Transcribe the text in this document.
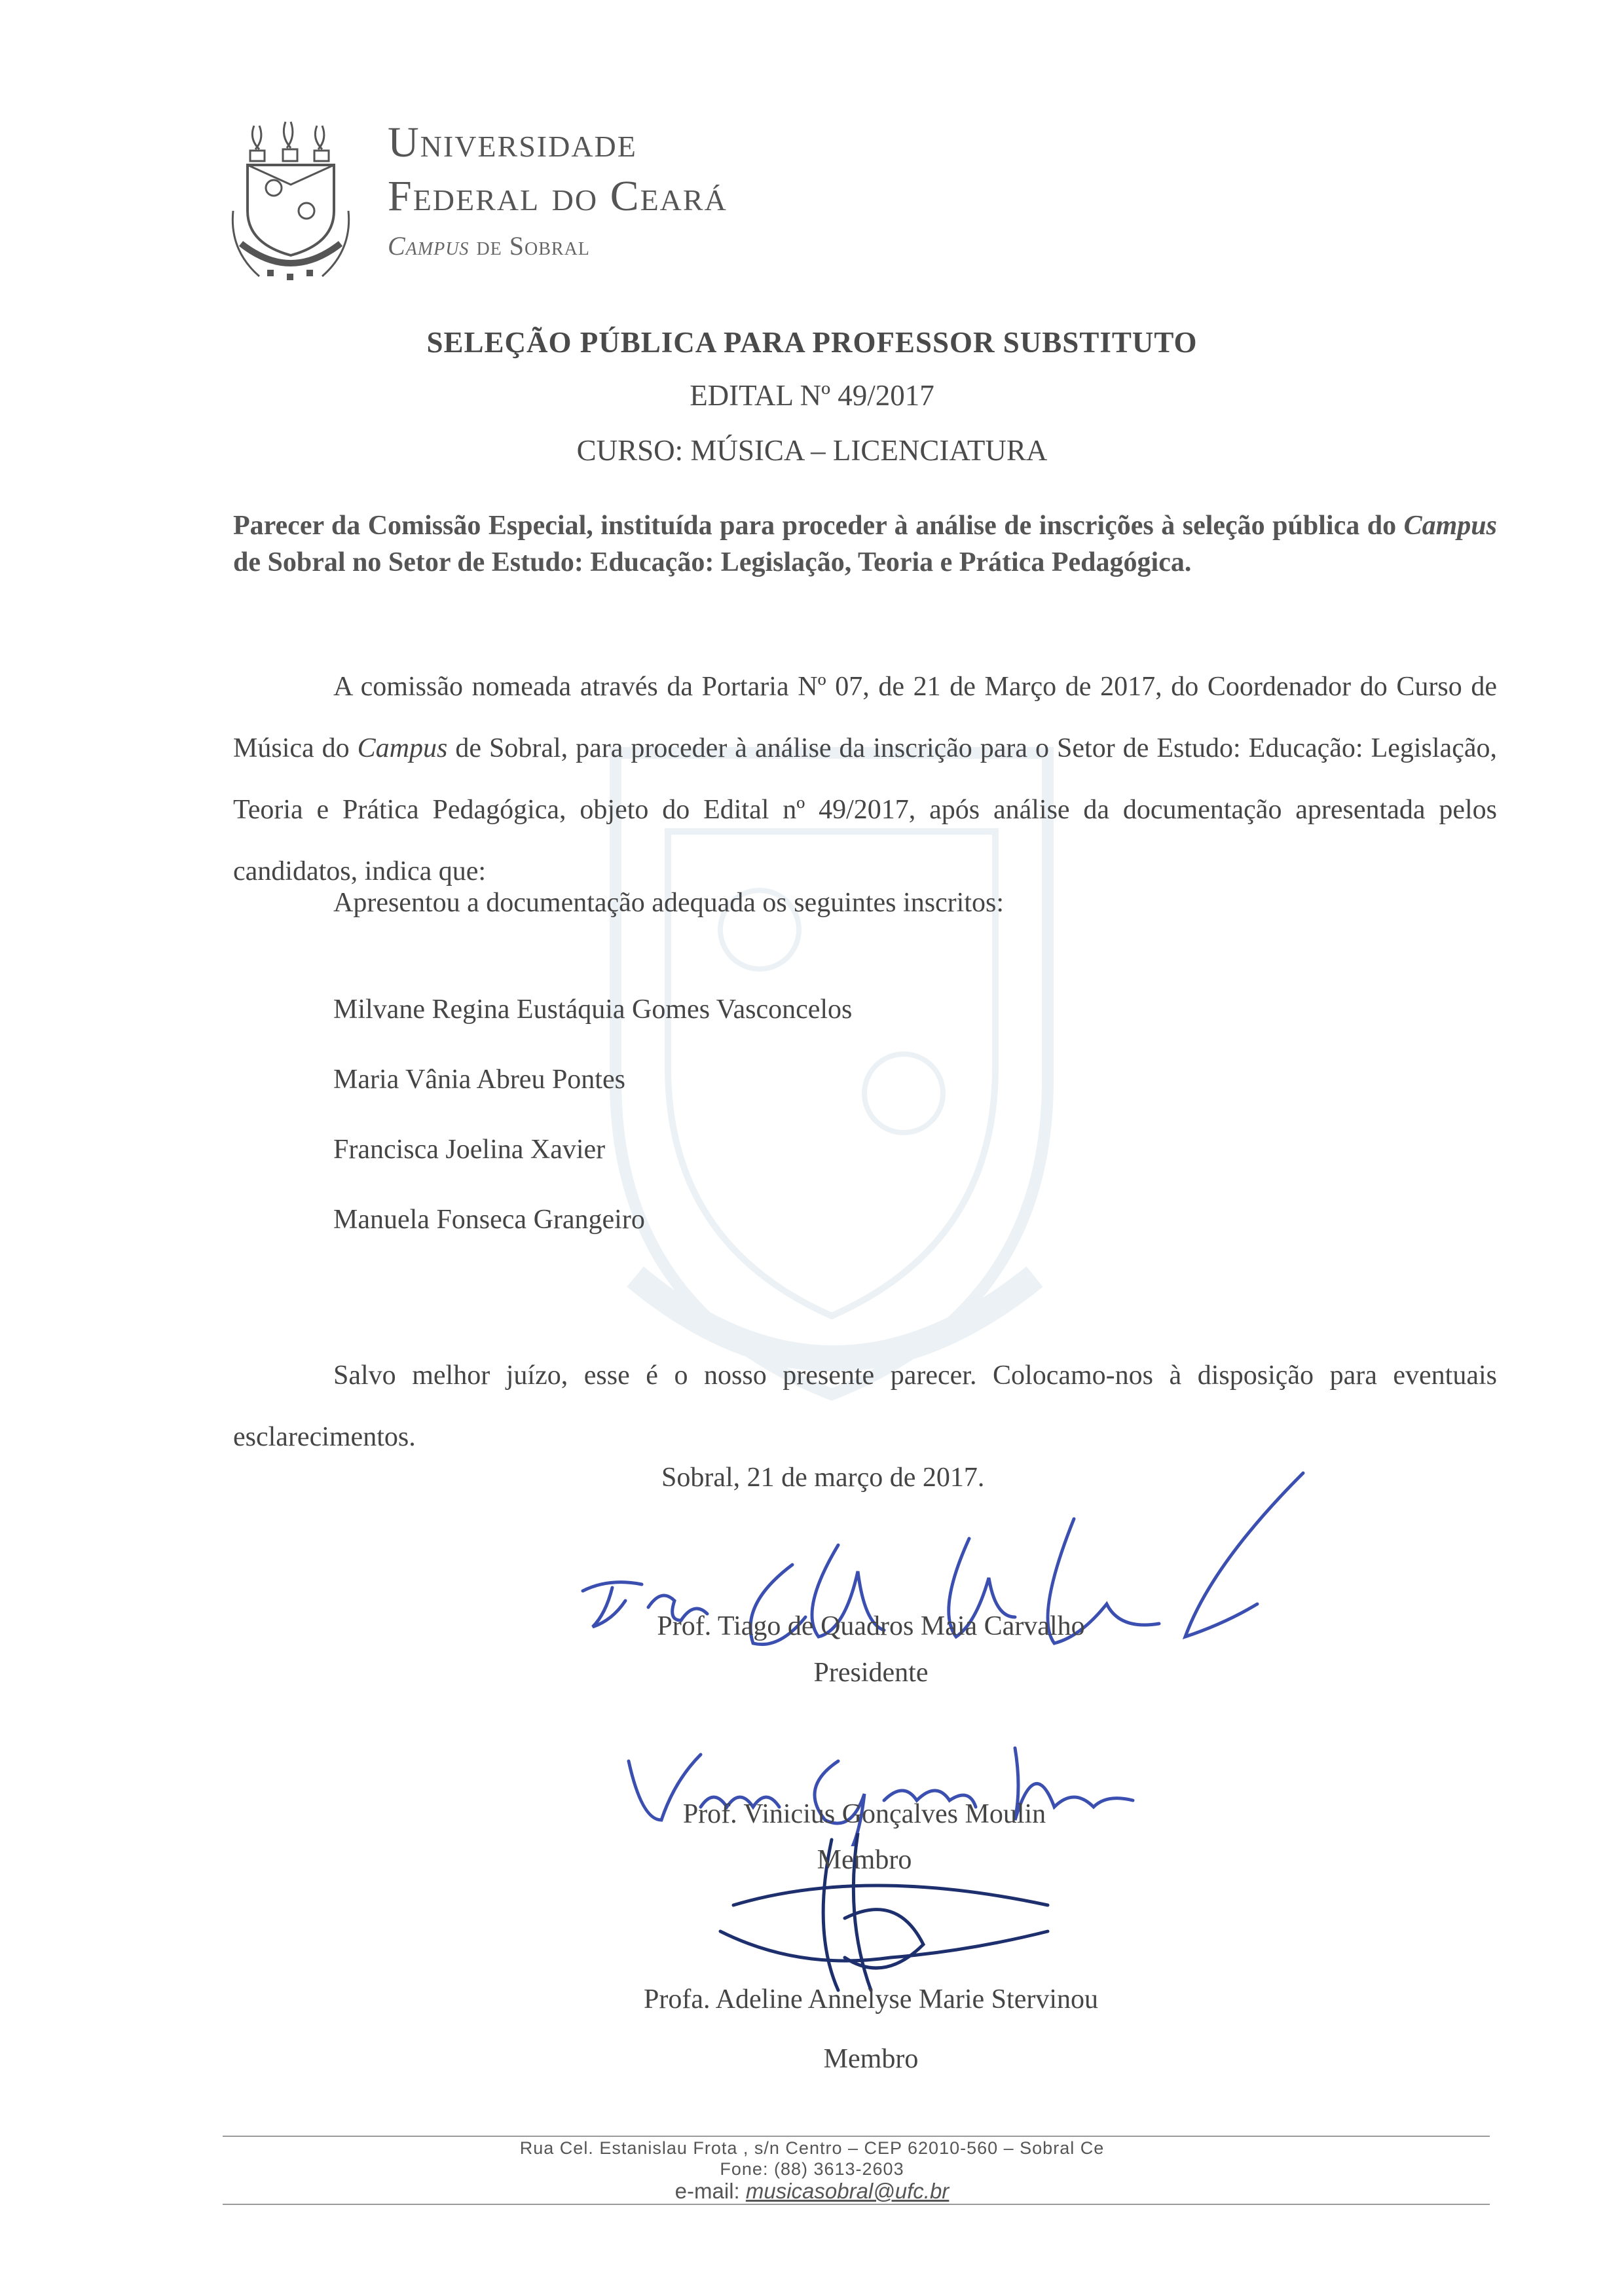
Universidade
Federal do Ceará
Campus de Sobral
SELEÇÃO PÚBLICA PARA PROFESSOR SUBSTITUTO
EDITAL Nº 49/2017
CURSO: MÚSICA – LICENCIATURA
Parecer da Comissão Especial, instituída para proceder à análise de inscrições à seleção pública do Campus de Sobral no Setor de Estudo: Educação: Legislação, Teoria e Prática Pedagógica.
A comissão nomeada através da Portaria Nº 07, de 21 de Março de 2017, do Coordenador do Curso de Música do Campus de Sobral, para proceder à análise da inscrição para o Setor de Estudo: Educação: Legislação, Teoria e Prática Pedagógica, objeto do Edital nº 49/2017, após análise da documentação apresentada pelos candidatos, indica que:
Apresentou a documentação adequada os seguintes inscritos:
Milvane Regina Eustáquia Gomes Vasconcelos
Maria Vânia Abreu Pontes
Francisca Joelina Xavier
Manuela Fonseca Grangeiro
Salvo melhor juízo, esse é o nosso presente parecer. Colocamo-nos à disposição para eventuais esclarecimentos.
Sobral, 21 de março de 2017.
Prof. Tiago de Quadros Maia Carvalho
Presidente
Prof. Vinicius Gonçalves Moulin
Membro
Profa. Adeline Annelyse Marie Stervinou
Membro
Rua Cel. Estanislau Frota , s/n Centro – CEP 62010-560 – Sobral Ce
Fone: (88) 3613-2603
e-mail: musicasobral@ufc.br
